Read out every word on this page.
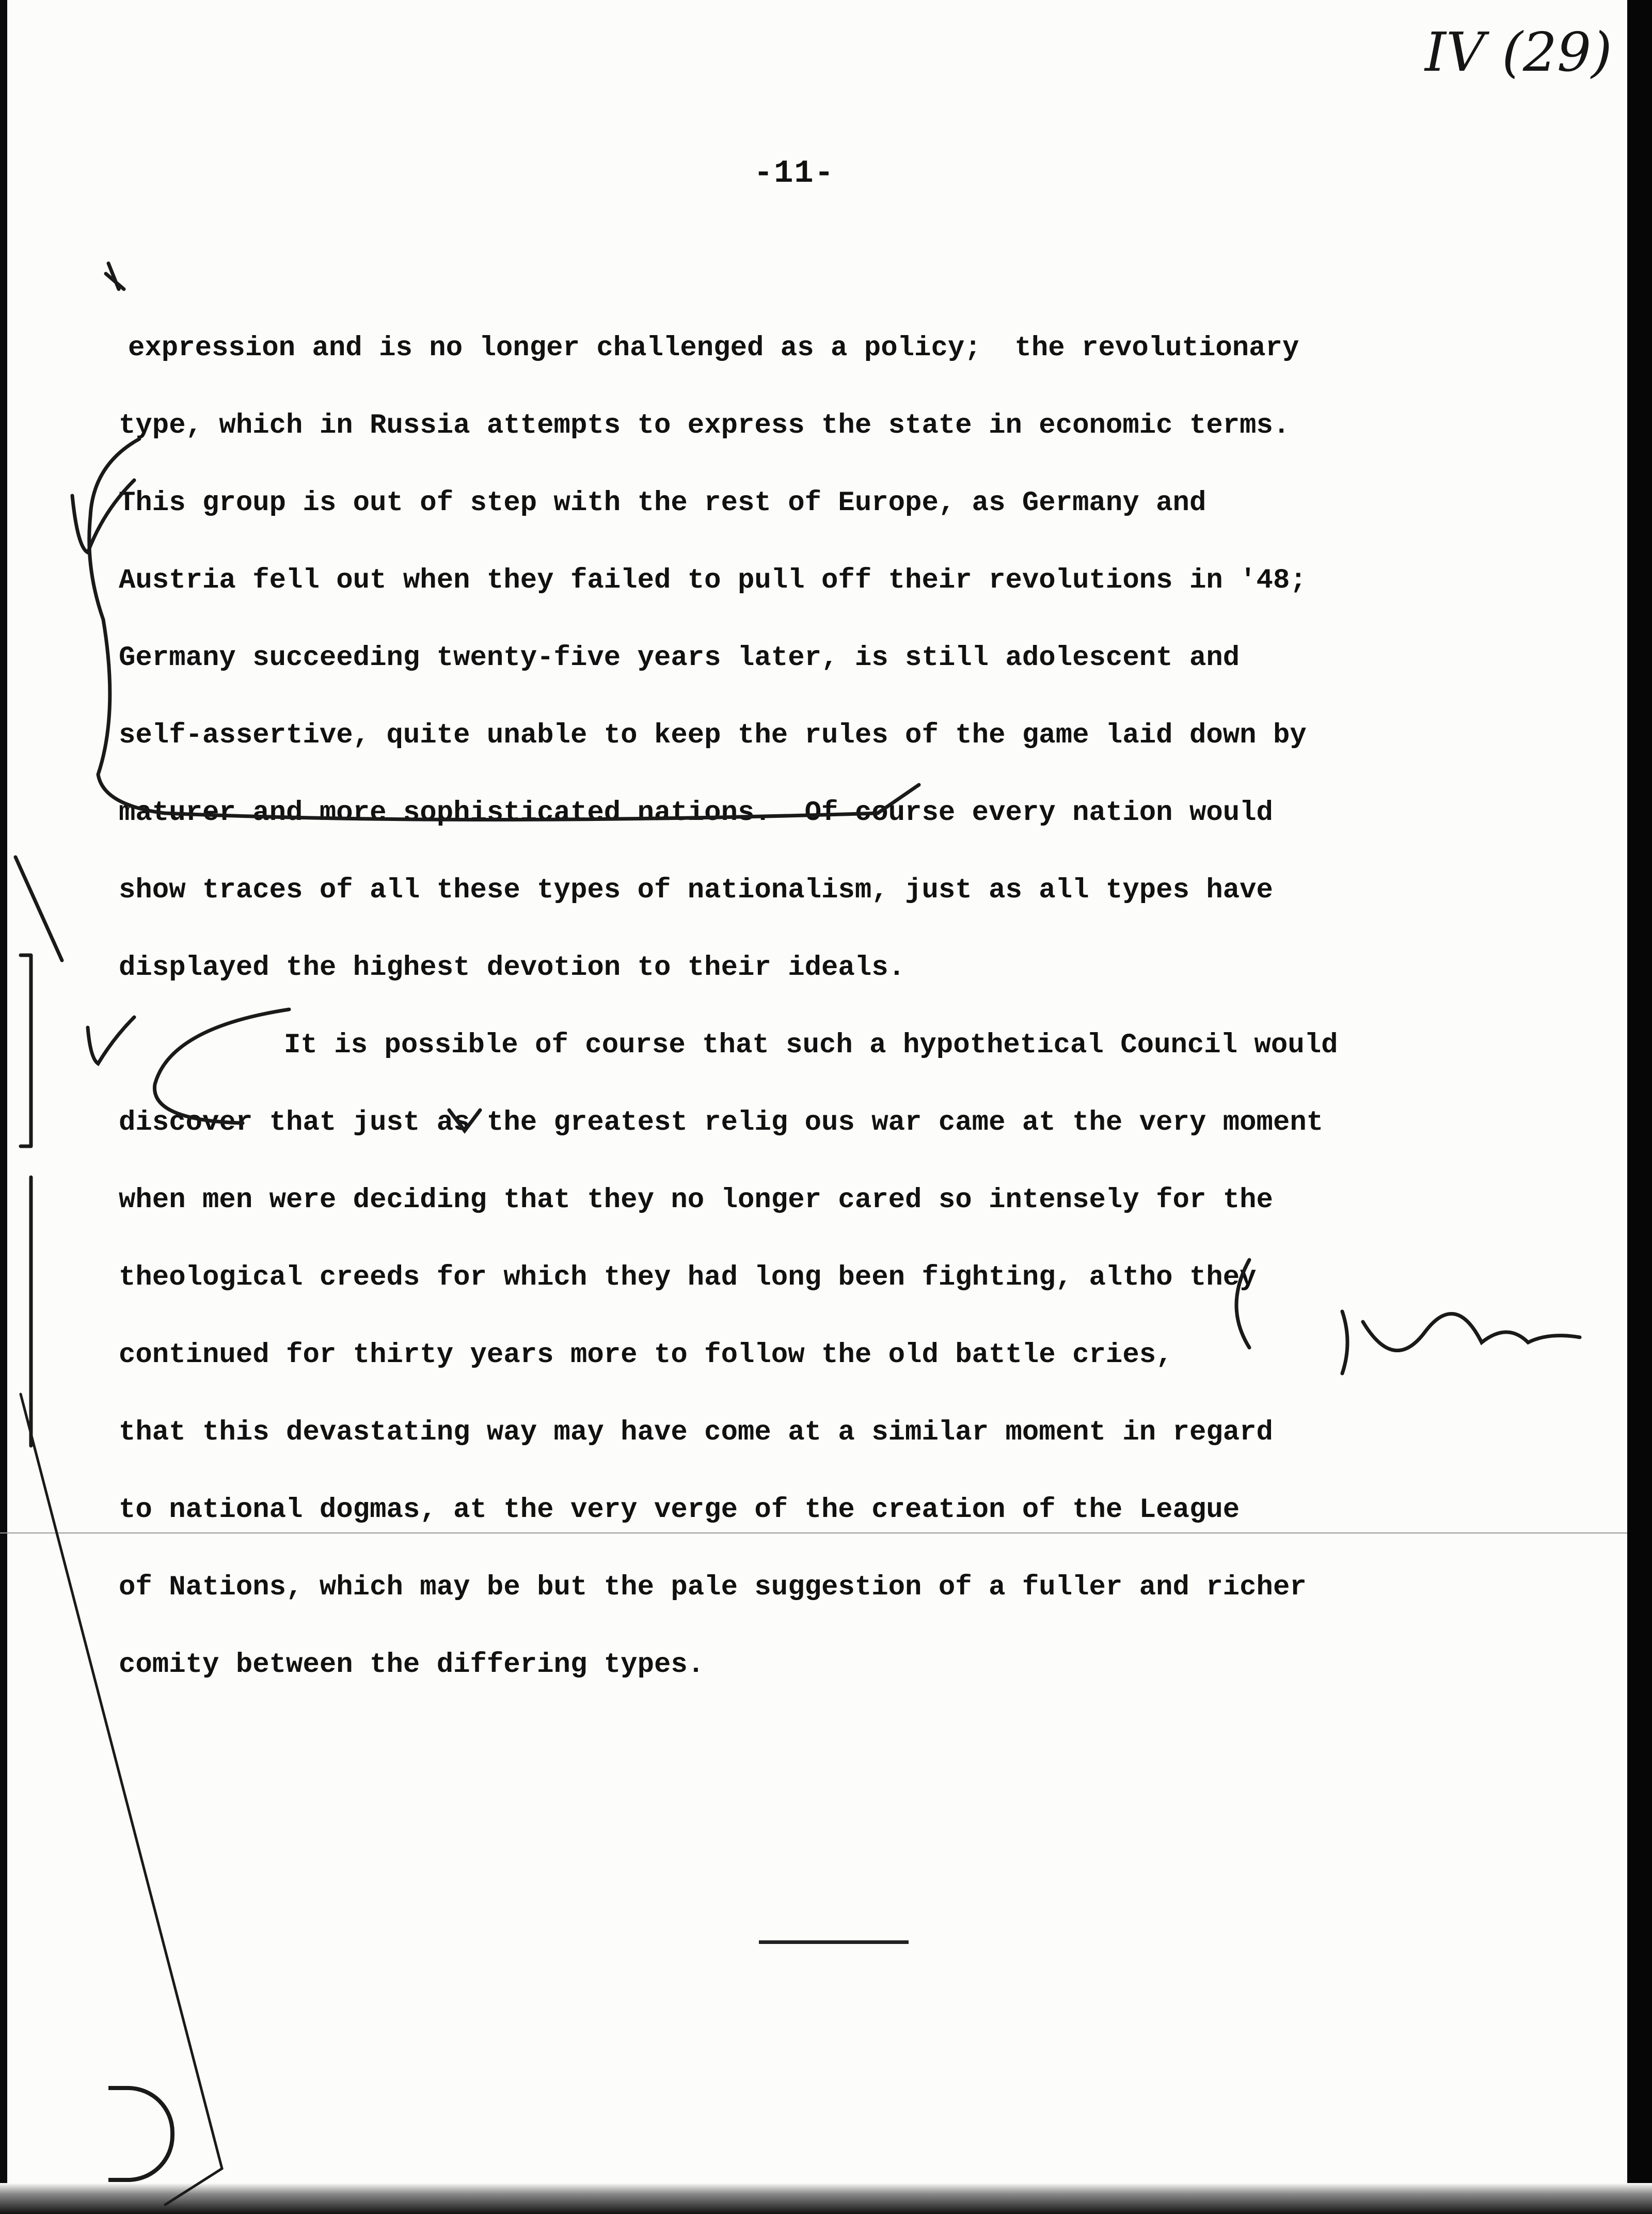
IV (29)
-11-
expression and is no longer challenged as a policy;  the revolutionary
type, which in Russia attempts to express the state in economic terms.
This group is out of step with the rest of Europe, as Germany and
Austria fell out when they failed to pull off their revolutions in '48;
Germany succeeding twenty-five years later, is still adolescent and
self-assertive, quite unable to keep the rules of the game laid down by
maturer and more sophisticated nations.  Of course every nation would
show traces of all these types of nationalism, just as all types have
displayed the highest devotion to their ideals.
It is possible of course that such a hypothetical Council would
discover that just as the greatest relig ous war came at the very moment
when men were deciding that they no longer cared so intensely for the
theological creeds for which they had long been fighting, altho they
continued for thirty years more to follow the old battle cries,
that this devastating way may have come at a similar moment in regard
to national dogmas, at the very verge of the creation of the League
of Nations, which may be but the pale suggestion of a fuller and richer
comity between the differing types.
